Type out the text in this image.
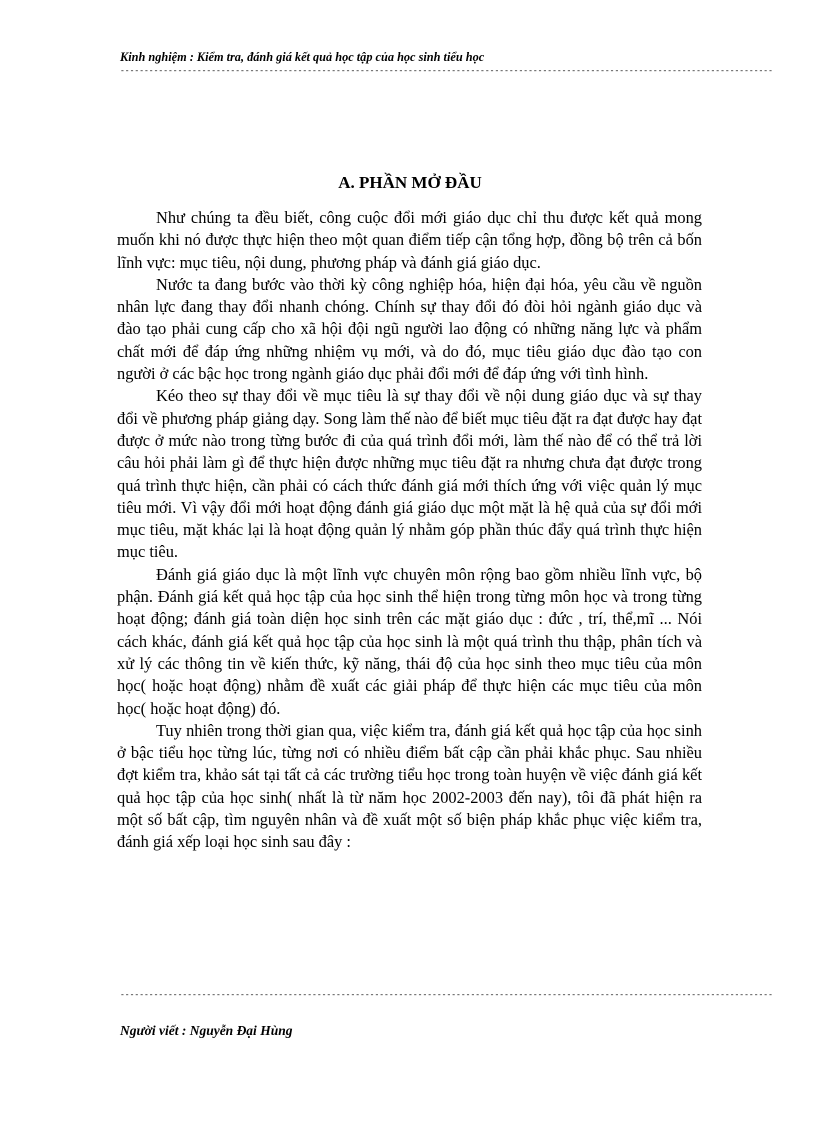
Kinh nghiệm : Kiểm tra, đánh giá kết quả học tập của học sinh tiểu học
----------------------------------------------------------------------------------------------------------------------------------------
A. PHẦN MỞ ĐẦU

Như chúng ta đều biết, công cuộc đổi mới giáo dục chỉ thu được kết quả mong muốn khi nó được thực hiện theo một quan điểm tiếp cận tổng hợp, đồng bộ trên cả bốn lĩnh vực: mục tiêu, nội dung, phương pháp và đánh giá giáo dục.

Nước ta đang bước vào thời kỳ công nghiệp hóa, hiện đại hóa, yêu cầu về nguồn nhân lực đang thay đổi nhanh chóng. Chính sự thay đổi đó đòi hỏi ngành giáo dục và đào tạo phải cung cấp cho xã hội đội ngũ người lao động có những năng lực và phẩm chất mới để đáp ứng những nhiệm vụ mới, và do đó, mục tiêu giáo dục đào tạo con người ở các bậc học trong ngành giáo dục phải đổi mới để đáp ứng với tình hình.

Kéo theo sự thay đổi về mục tiêu là sự thay đổi về nội dung giáo dục và sự thay đổi về phương pháp giảng dạy. Song làm thế nào để biết mục tiêu đặt ra đạt được hay đạt được ở mức nào trong từng bước đi của quá trình đổi mới, làm thế nào để có thể trả lời câu hỏi phải làm gì để thực hiện được những mục tiêu đặt ra nhưng chưa đạt được trong quá trình thực hiện, cần phải có cách thức đánh giá mới thích ứng với việc quản lý mục tiêu mới. Vì vậy đổi mới hoạt động đánh giá giáo dục một mặt là hệ quả của sự đổi mới mục tiêu, mặt khác lại là hoạt động quản lý nhằm góp phần thúc đẩy quá trình thực hiện mục tiêu.

Đánh giá giáo dục là một lĩnh vực chuyên môn rộng bao gồm nhiều lĩnh vực, bộ phận. Đánh giá kết quả học tập của học sinh thể hiện trong từng môn học và trong từng hoạt động; đánh giá toàn diện học sinh trên các mặt giáo dục : đức , trí, thể,mĩ ... Nói cách khác, đánh giá kết quả học tập của học sinh là một quá trình thu thập, phân tích và xử lý các thông tin về kiến thức, kỹ năng, thái độ của học sinh theo mục tiêu của môn học( hoặc hoạt động) nhằm đề xuất các giải pháp để thực hiện các mục tiêu của môn học( hoặc hoạt động) đó.

Tuy nhiên trong thời gian qua, việc kiểm tra, đánh giá kết quả học tập của học sinh ở bậc tiểu học từng lúc, từng nơi có nhiều điểm bất cập cần phải khắc phục. Sau nhiều đợt kiểm tra, khảo sát tại tất cả các trường tiểu học trong toàn huyện về việc đánh giá kết quả học tập của học sinh( nhất là từ năm học 2002-2003 đến nay), tôi đã phát hiện ra một số bất cập, tìm nguyên nhân và đề xuất một số biện pháp khắc phục việc kiểm tra, đánh giá xếp loại học sinh sau đây :

----------------------------------------------------------------------------------------------------------------------------------------
Người viết : Nguyễn Đại Hùng
